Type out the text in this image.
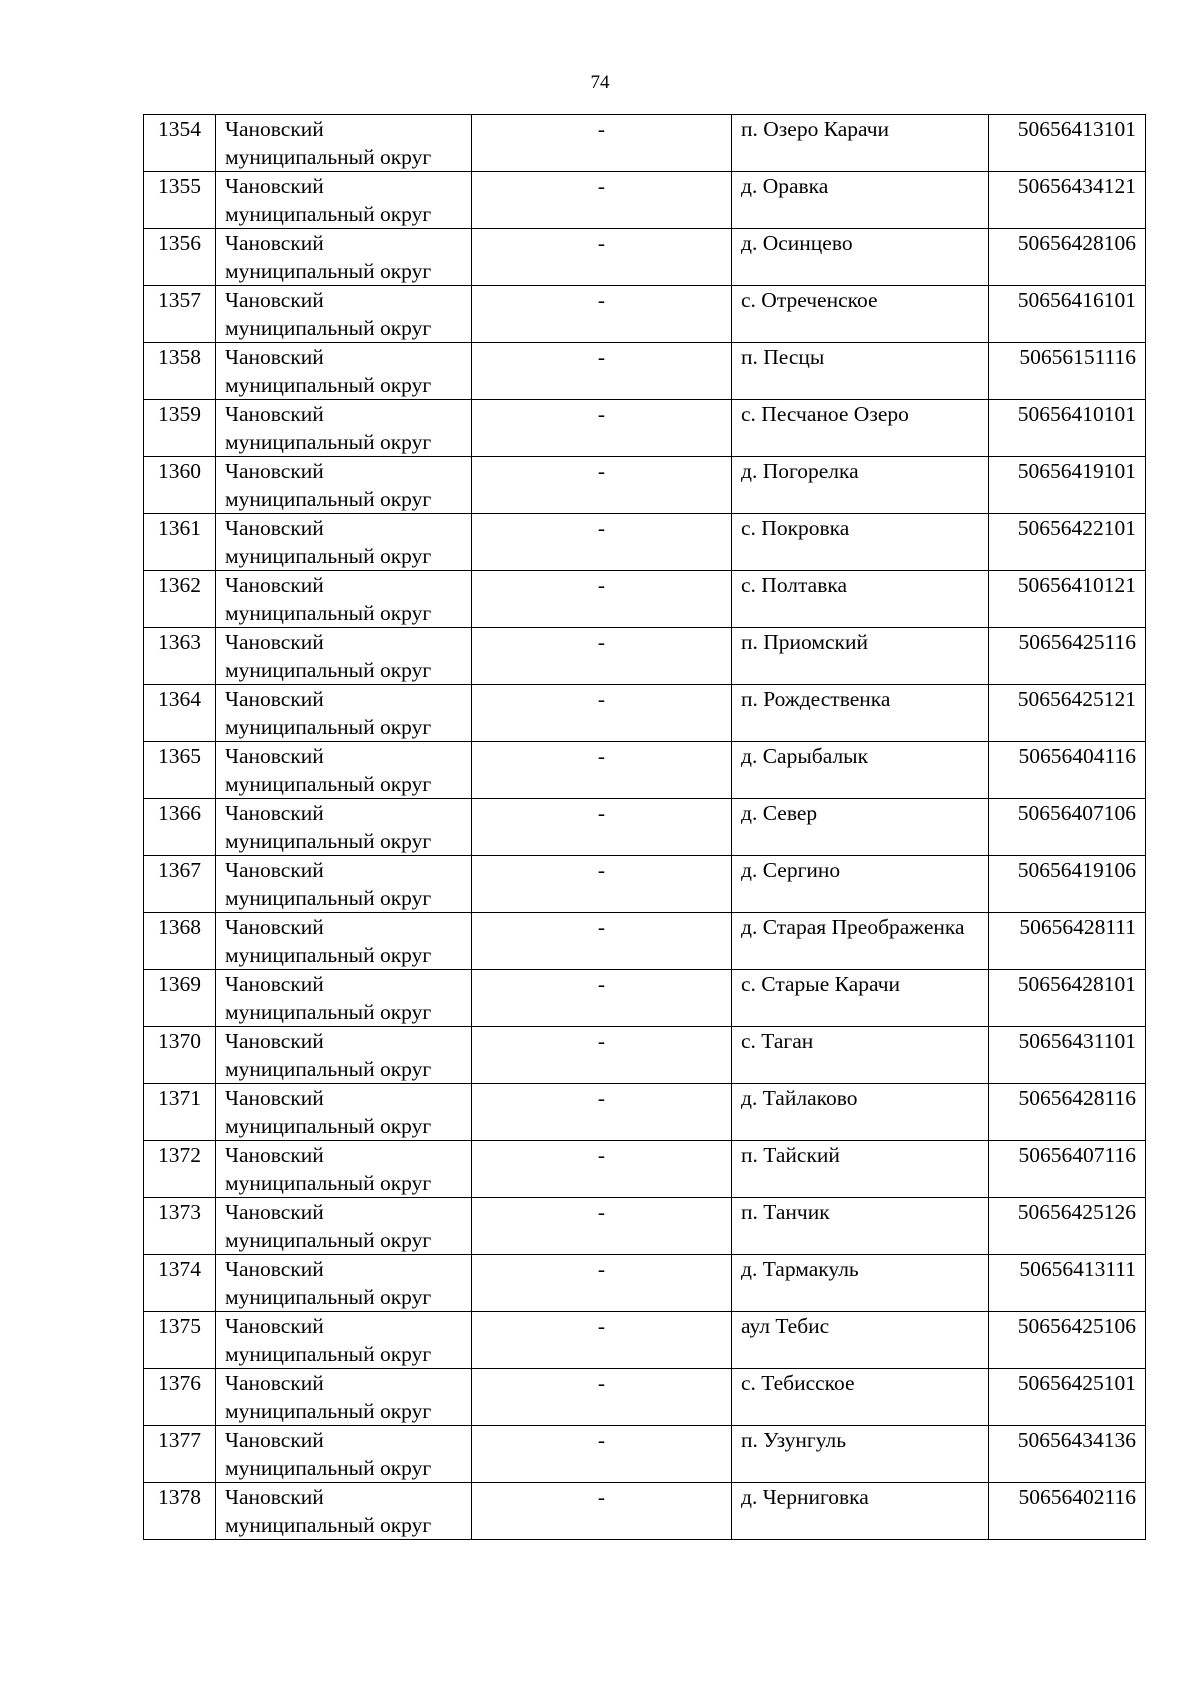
74
1354	Чановский муниципальный округ	-	п. Озеро Карачи	50656413101
1355	Чановский муниципальный округ	-	д. Оравка	50656434121
1356	Чановский муниципальный округ	-	д. Осинцево	50656428106
1357	Чановский муниципальный округ	-	с. Отреченское	50656416101
1358	Чановский муниципальный округ	-	п. Песцы	50656151116
1359	Чановский муниципальный округ	-	с. Песчаное Озеро	50656410101
1360	Чановский муниципальный округ	-	д. Погорелка	50656419101
1361	Чановский муниципальный округ	-	с. Покровка	50656422101
1362	Чановский муниципальный округ	-	с. Полтавка	50656410121
1363	Чановский муниципальный округ	-	п. Приомский	50656425116
1364	Чановский муниципальный округ	-	п. Рождественка	50656425121
1365	Чановский муниципальный округ	-	д. Сарыбалык	50656404116
1366	Чановский муниципальный округ	-	д. Север	50656407106
1367	Чановский муниципальный округ	-	д. Сергино	50656419106
1368	Чановский муниципальный округ	-	д. Старая Преображенка	50656428111
1369	Чановский муниципальный округ	-	с. Старые Карачи	50656428101
1370	Чановский муниципальный округ	-	с. Таган	50656431101
1371	Чановский муниципальный округ	-	д. Тайлаково	50656428116
1372	Чановский муниципальный округ	-	п. Тайский	50656407116
1373	Чановский муниципальный округ	-	п. Танчик	50656425126
1374	Чановский муниципальный округ	-	д. Тармакуль	50656413111
1375	Чановский муниципальный округ	-	аул Тебис	50656425106
1376	Чановский муниципальный округ	-	с. Тебисское	50656425101
1377	Чановский муниципальный округ	-	п. Узунгуль	50656434136
1378	Чановский муниципальный округ	-	д. Черниговка	50656402116
